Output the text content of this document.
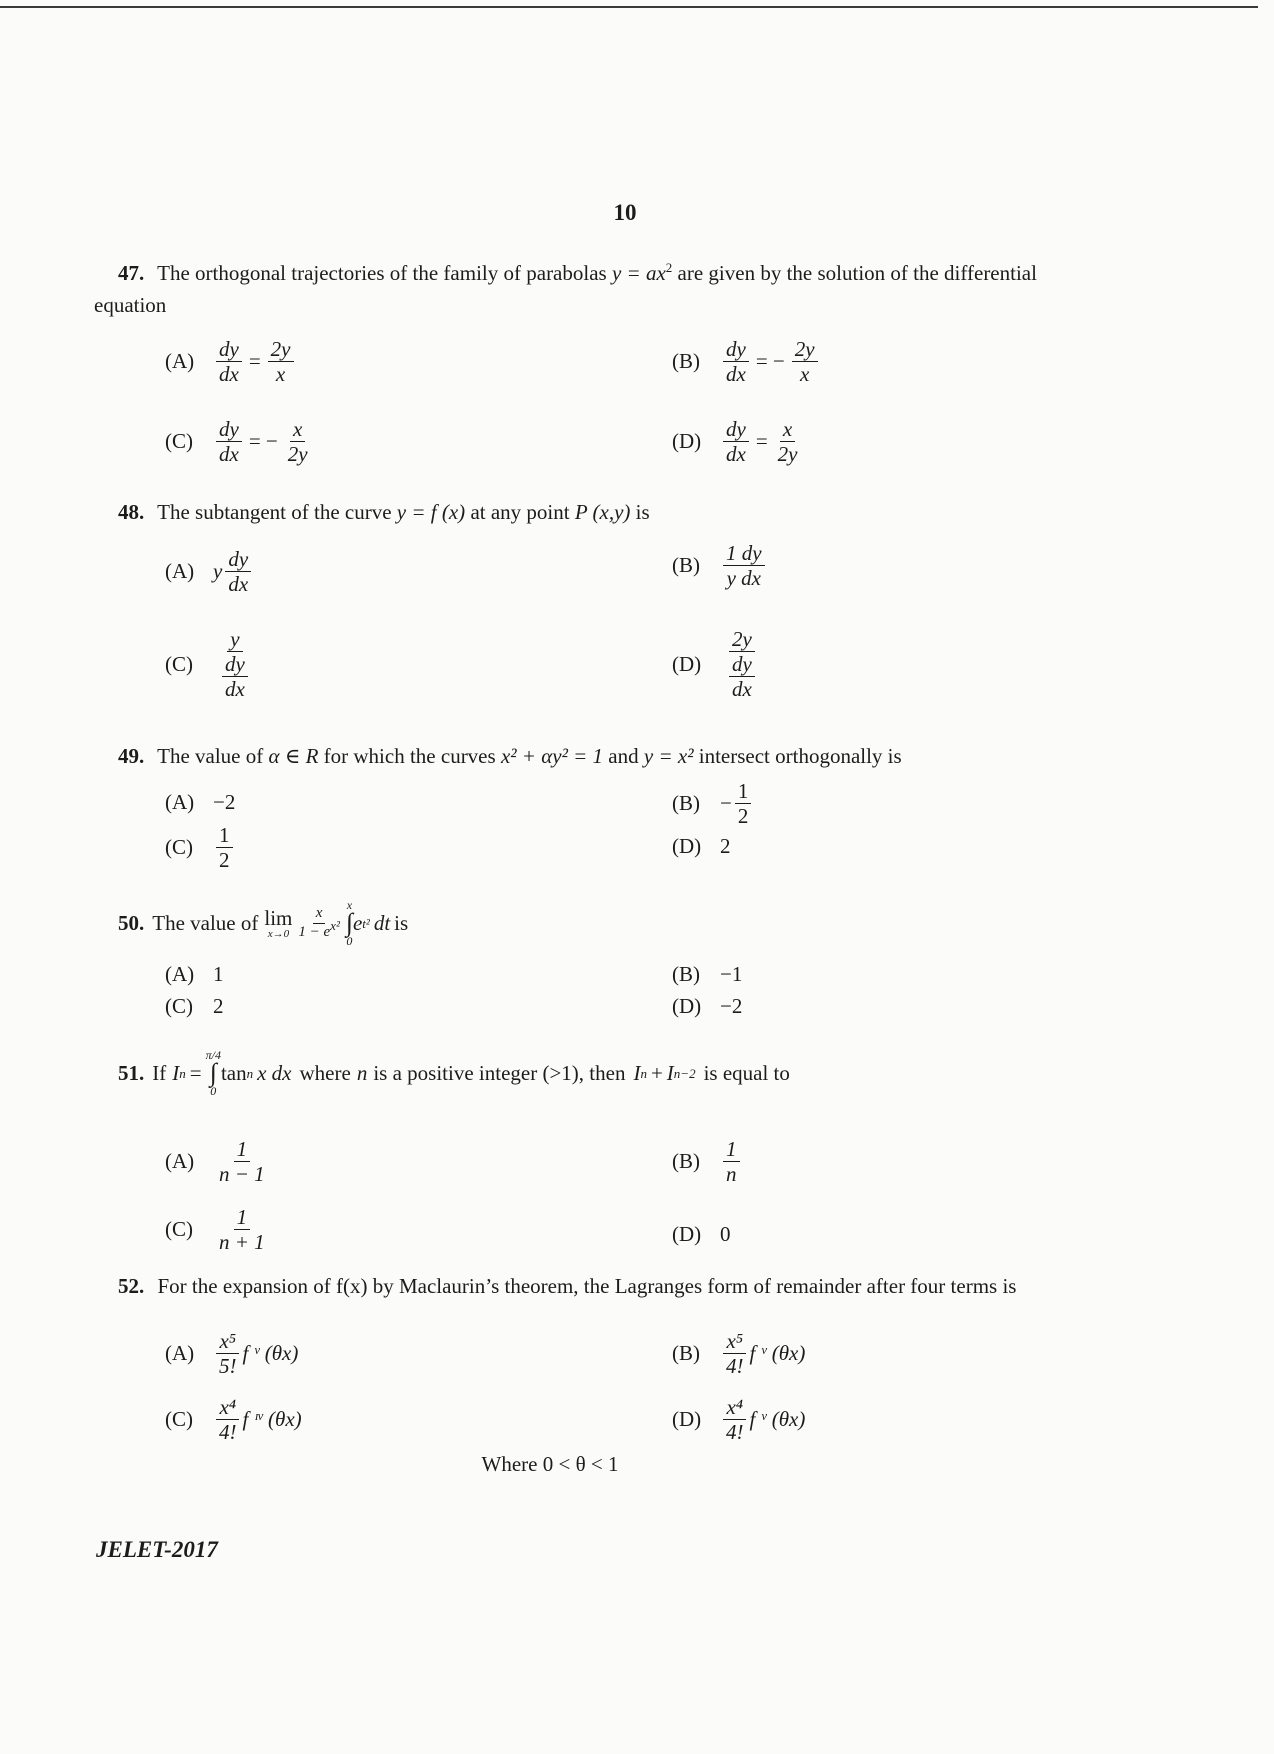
10
47. The orthogonal trajectories of the family of parabolas $y = ax^2$ are given by the solution of the differential
equation
(A)	$\frac{dy}{dx} = \frac{2y}{x}$	(B)	$\frac{dy}{dx}$ = − $\frac{2y}{x}$
(C)	$\frac{dy}{dx}$ = − $\frac{x}{2y}$	(D)	$\frac{dy}{dx} = \frac{x}{2y}$
48. The subtangent of the curve y = f (x) at any point P (x,y) is
(A) y $\frac{dy}{dx}$	(B)	$\frac{1 dy}{\text{y dx}}$
(C)	$\frac{y}{\frac{dy}{dx}}$	(D)	$\frac{2y}{\frac{dy}{dx}}$
49. The value of α ∈ R for which the curves x² + αy² = 1 and y = x² intersect orthogonally is
(A) −2	$(B) - \frac{1}{2}$
(C)	$\frac{1}{2}$	(D) 2
50. The value of lim
$x\to 0 \frac{x}{1 - e^{x^2}}$
x
∫
0
e t² dt is
(A) 1	(B) −1
(C) 2	(D) −2
51. If I n =
π/4
∫
0
tan n x dx where n is a positive integer (>1), then I n + I n−2 is equal to
(A)	$\frac{1}{n - 1}$	(B)	$\frac{1}{n}$
(C)	$\frac{1}{n + 1}$	(D) 0
52. For the expansion of f(x) by Maclaurin’s theorem, the Lagranges form of remainder after four terms is
(A)	$\frac{\text{x⁵}}{5!}$ f ᵛ (θx)	(B)	$\frac{\text{x⁵}}{4!}$ f ᵛ (θx)
(C)	$\frac{\text{x⁴}}{4!}$ f ᶦᵛ (θx)	(D)	$\frac{\text{x⁴}}{4!}$ f ᵛ (θx)
Where 0 < θ < 1
JELET-2017
